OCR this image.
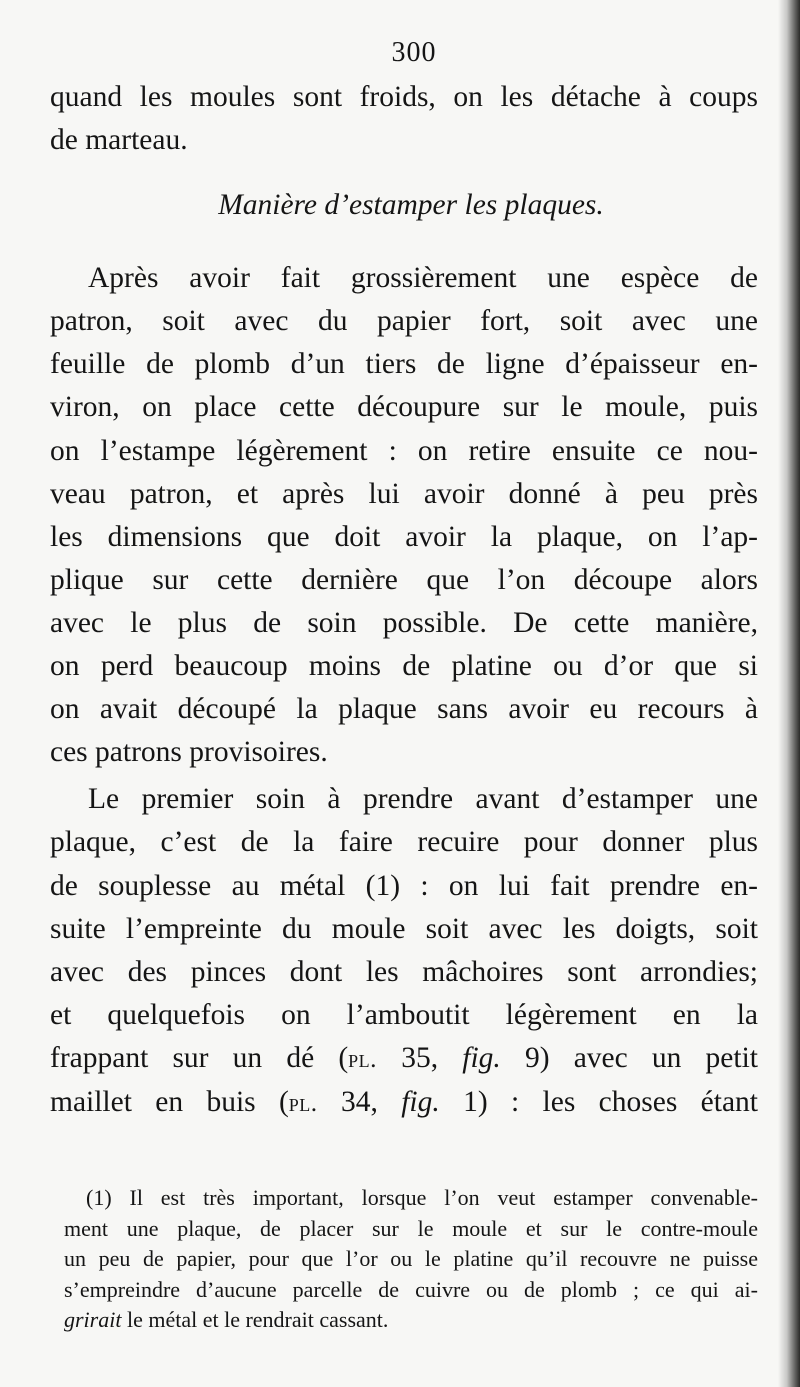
300
quand les moules sont froids, on les détache à coups
de marteau.
Manière d’estamper les plaques.
Après avoir fait grossièrement une espèce de
patron, soit avec du papier fort, soit avec une
feuille de plomb d’un tiers de ligne d’épaisseur en-
viron, on place cette découpure sur le moule, puis
on l’estampe légèrement : on retire ensuite ce nou-
veau patron, et après lui avoir donné à peu près
les dimensions que doit avoir la plaque, on l’ap-
plique sur cette dernière que l’on découpe alors
avec le plus de soin possible. De cette manière,
on perd beaucoup moins de platine ou d’or que si
on avait découpé la plaque sans avoir eu recours à
ces patrons provisoires.
Le premier soin à prendre avant d’estamper une
plaque, c’est de la faire recuire pour donner plus
de souplesse au métal (1) : on lui fait prendre en-
suite l’empreinte du moule soit avec les doigts, soit
avec des pinces dont les mâchoires sont arrondies;
et quelquefois on l’amboutit légèrement en la
frappant sur un dé (pl. 35, fig. 9) avec un petit
maillet en buis (pl. 34, fig. 1) : les choses étant
(1) Il est très important, lorsque l’on veut estamper convenable-
ment une plaque, de placer sur le moule et sur le contre-moule
un peu de papier, pour que l’or ou le platine qu’il recouvre ne puisse
s’empreindre d’aucune parcelle de cuivre ou de plomb ; ce qui ai-
grirait le métal et le rendrait cassant.
